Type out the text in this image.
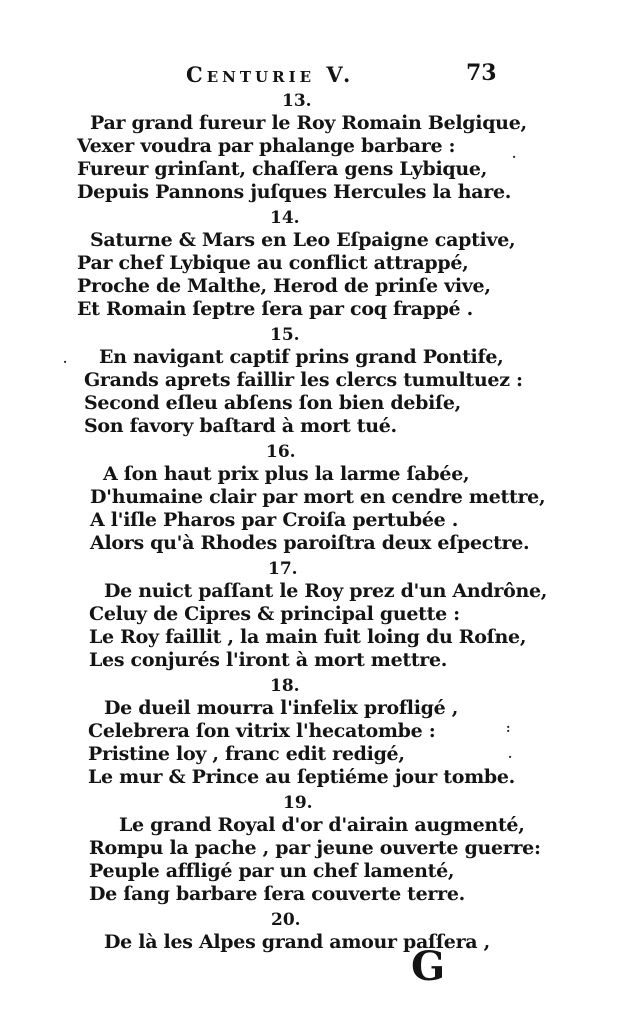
Centurie V.	73
13.
Par grand fureur le Roy Romain Belgique,
Vexer voudra par phalange barbare :
Fureur grinſant, chaſſera gens Lybique,
Depuis Pannons juſques Hercules la hare.
14.
Saturne & Mars en Leo Eſpaigne captive,
Par chef Lybique au conflict attrappé,
Proche de Malthe, Herod de prinſe vive,
Et Romain ſeptre ſera par coq frappé .
15.
En navigant captif prins grand Pontife,
Grands aprets faillir les clercs tumultuez :
Second eſleu abſens ſon bien debiſe,
Son favory baſtard à mort tué.
16.
A ſon haut prix plus la larme ſabée,
D'humaine clair par mort en cendre mettre,
A l'iſle Pharos par Croiſa pertubée .
Alors qu'à Rhodes paroiſtra deux eſpectre.
17.
De nuict paſſant le Roy prez d'un Andrône,
Celuy de Cipres & principal guette :
Le Roy faillit , la main fuit loing du Roſne,
Les conjurés l'iront à mort mettre.
18.
De dueil mourra l'infelix profligé ,
Celebrera ſon vitrix l'hecatombe :
Pristine loy , franc edit redigé,
Le mur & Prince au ſeptiéme jour tombe.
19.
Le grand Royal d'or d'airain augmenté,
Rompu la pache , par jeune ouverte guerre:
Peuple affligé par un chef lamenté,
De ſang barbare ſera couverte terre.
20.
De là les Alpes grand amour paſſera ,
·
·
:
·
G
